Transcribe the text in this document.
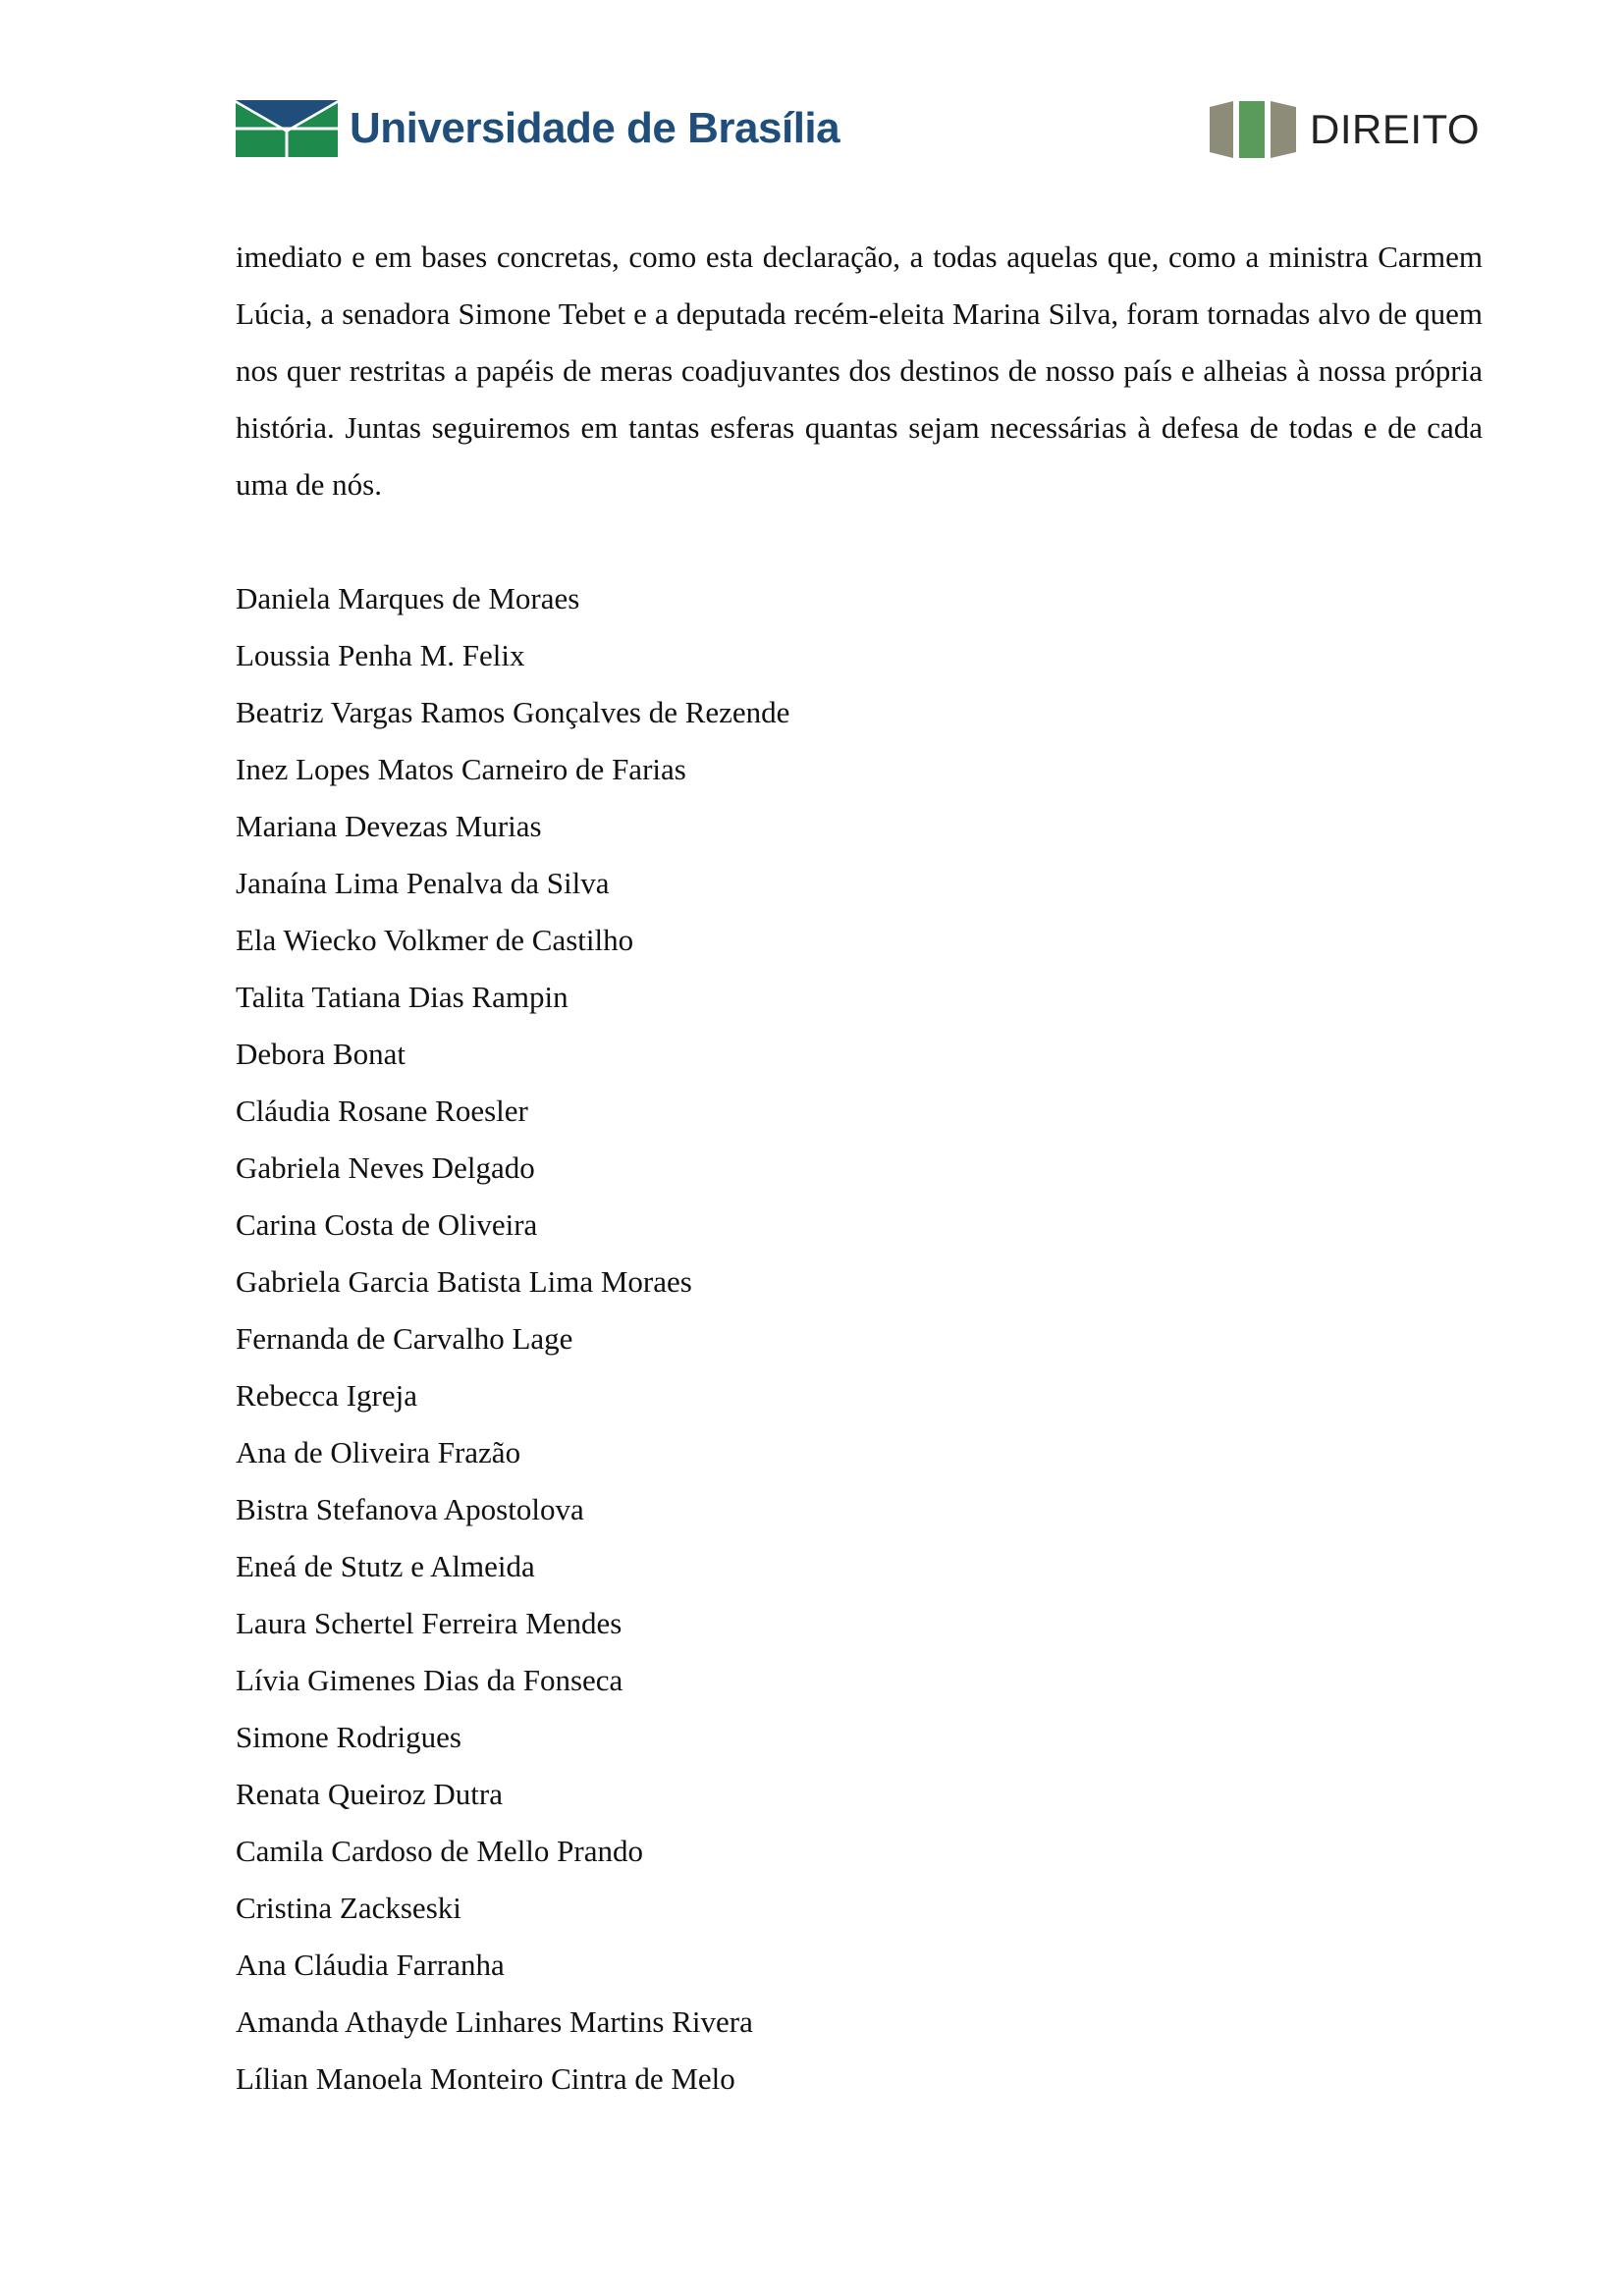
Universidade de Brasília	DIREITO

imediato e em bases concretas, como esta declaração, a todas aquelas que, como a ministra Carmem Lúcia, a senadora Simone Tebet e a deputada recém-eleita Marina Silva, foram tornadas alvo de quem nos quer restritas a papéis de meras coadjuvantes dos destinos de nosso país e alheias à nossa própria história. Juntas seguiremos em tantas esferas quantas sejam necessárias à defesa de todas e de cada uma de nós.

Daniela Marques de Moraes
Loussia Penha M. Felix
Beatriz Vargas Ramos Gonçalves de Rezende
Inez Lopes Matos Carneiro de Farias
Mariana Devezas Murias
Janaína Lima Penalva da Silva
Ela Wiecko Volkmer de Castilho
Talita Tatiana Dias Rampin
Debora Bonat
Cláudia Rosane Roesler
Gabriela Neves Delgado
Carina Costa de Oliveira
Gabriela Garcia Batista Lima Moraes
Fernanda de Carvalho Lage
Rebecca Igreja
Ana de Oliveira Frazão
Bistra Stefanova Apostolova
Eneá de Stutz e Almeida
Laura Schertel Ferreira Mendes
Lívia Gimenes Dias da Fonseca
Simone Rodrigues
Renata Queiroz Dutra
Camila Cardoso de Mello Prando
Cristina Zackseski
Ana Cláudia Farranha
Amanda Athayde Linhares Martins Rivera
Lílian Manoela Monteiro Cintra de Melo
